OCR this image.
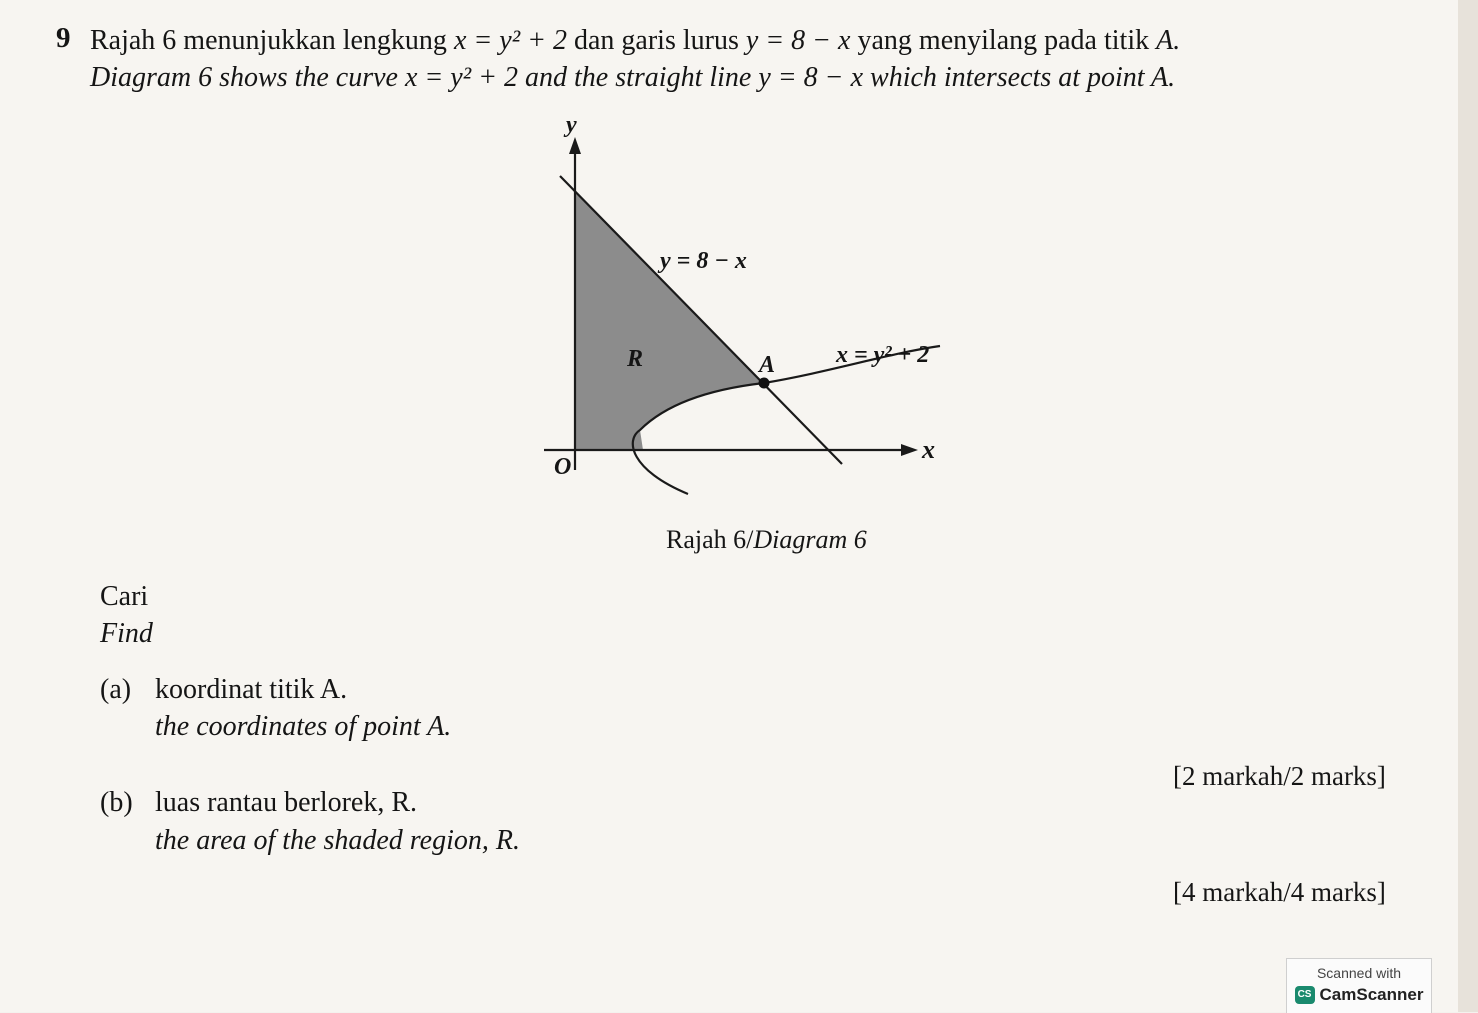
9 Rajah 6 menunjukkan lengkung x = y² + 2 dan garis lurus y = 8 − x yang menyilang pada titik A.
Diagram 6 shows the curve x = y² + 2 and the straight line y = 8 − x which intersects at point A.
y
x
O
y = 8 − x
x = y² + 2
A
R
Rajah 6/Diagram 6
Cari
Find
(a) koordinat titik A.
the coordinates of point A.
[2 markah/2 marks]
(b) luas rantau berlorek, R.
the area of the shaded region, R.
[4 markah/4 marks]
Scanned with
CS CamScanner
